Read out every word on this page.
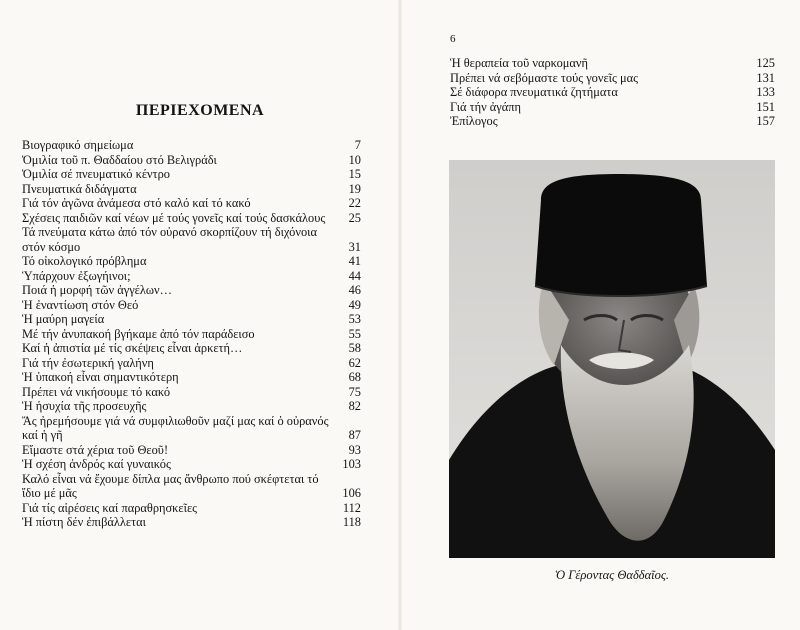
ΠΕΡΙΕΧΟΜΕΝΑ
Βιογραφικό σημείωμα	7
Ὁμιλία τοῦ π. Θαδδαίου στό Βελιγράδι	10
Ὁμιλία σέ πνευματικό κέντρο	15
Πνευματικά διδάγματα	19
Γιά τόν ἀγῶνα ἀνάμεσα στό καλό καί τό κακό	22
Σχέσεις παιδιῶν καί νέων μέ τούς γονεῖς καί τούς δασκάλους	25
Τά πνεύματα κάτω ἀπό τόν οὐρανό σκορπίζουν τή διχόνοια στόν κόσμο	31
Τό οἰκολογικό πρόβλημα	41
Ὑπάρχουν ἐξωγήινοι;	44
Ποιά ἡ μορφή τῶν ἀγγέλων…	46
Ἡ ἐναντίωση στόν Θεό	49
Ἡ μαύρη μαγεία	53
Μέ τήν ἀνυπακοή βγήκαμε ἀπό τόν παράδεισο	55
Καί ἡ ἀπιστία μέ τίς σκέψεις εἶναι ἀρκετή…	58
Γιά τήν ἐσωτερική γαλήνη	62
Ἡ ὑπακοή εἶναι σημαντικότερη	68
Πρέπει νά νικήσουμε τό κακό	75
Ἡ ἡσυχία τῆς προσευχῆς	82
Ἄς ἠρεμήσουμε γιά νά συμφιλιωθοῦν μαζί μας καί ὁ οὐρανός καί ἡ γῆ	87
Εἴμαστε στά χέρια τοῦ Θεοῦ!	93
Ἡ σχέση ἀνδρός καί γυναικός	103
Καλό εἶναι νά ἔχουμε δίπλα μας ἄνθρωπο πού σκέφτεται τό ἴδιο μέ μᾶς	106
Γιά τίς αἱρέσεις καί παραθρησκεῖες	112
Ἡ πίστη δέν ἐπιβάλλεται	118
6
Ἡ θεραπεία τοῦ ναρκομανῆ	125
Πρέπει νά σεβόμαστε τούς γονεῖς μας	131
Σέ διάφορα πνευματικά ζητήματα	133
Γιά τήν ἀγάπη	151
Ἐπίλογος	157
Ὁ Γέροντας Θαδδαῖος.
